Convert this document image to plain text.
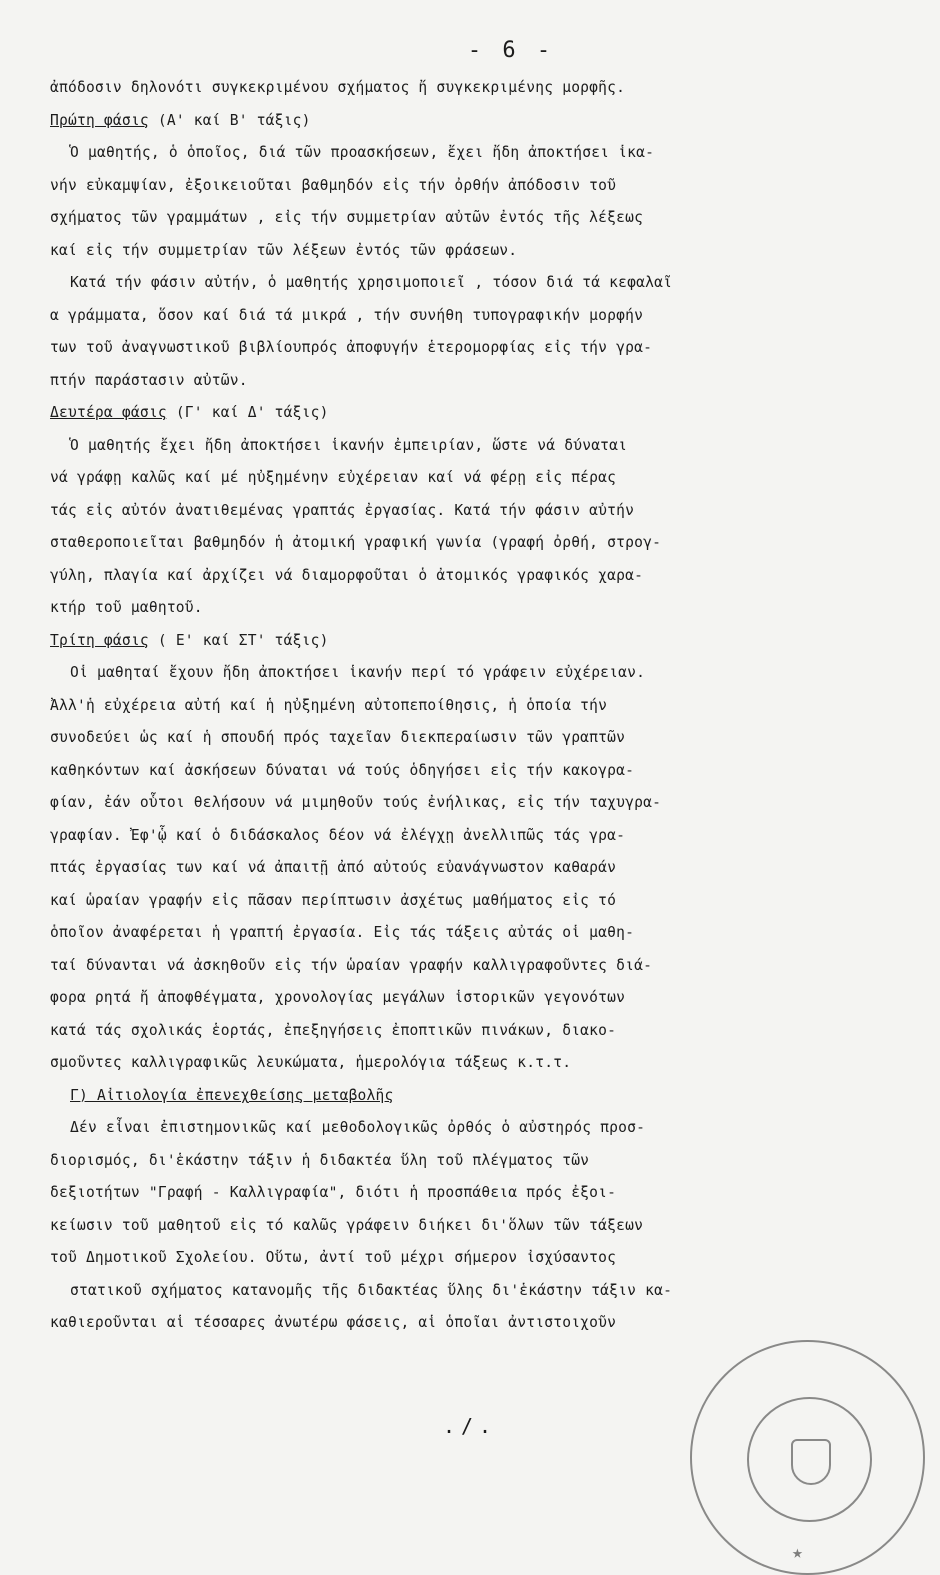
- 6 -
ἀπόδοσιν δηλονότι συγκεκριμένου σχήματος ἤ συγκεκριμένης μορφῆς.
Πρώτη φάσις (Α' καί Β' τάξις)
Ὁ μαθητής, ὁ ὁποῖος, διά τῶν προασκήσεων, ἔχει ἤδη ἀποκτήσει ἱκα-
νήν εὐκαμψίαν, ἐξοικειοῦται βαθμηδόν εἰς τήν ὀρθήν ἀπόδοσιν τοῦ
σχήματος τῶν γραμμάτων , εἰς τήν συμμετρίαν αὐτῶν ἐντός τῆς λέξεως
καί εἰς τήν συμμετρίαν τῶν λέξεων ἐντός τῶν φράσεων.
Κατά τήν φάσιν αὐτήν, ὁ μαθητής χρησιμοποιεῖ , τόσον διά τά κεφαλαῖ
α γράμματα, ὅσον καί διά τά μικρά , τήν συνήθη τυπογραφικήν μορφήν
των τοῦ ἀναγνωστικοῦ βιβλίουπρός ἀποφυγήν ἑτερομορφίας εἰς τήν γρα-
πτήν παράστασιν αὐτῶν.
Δευτέρα φάσις (Γ' καί Δ' τάξις)
Ὁ μαθητής ἔχει ἤδη ἀποκτήσει ἱκανήν ἐμπειρίαν, ὥστε νά δύναται
νά γράφῃ καλῶς καί μέ ηὐξημένην εὐχέρειαν καί νά φέρῃ εἰς πέρας
τάς εἰς αὐτόν ἀνατιθεμένας γραπτάς ἐργασίας. Κατά τήν φάσιν αὐτήν
σταθεροποιεῖται βαθμηδόν ἡ ἀτομική γραφική γωνία (γραφή ὀρθή, στρογ-
γύλη, πλαγία καί ἀρχίζει νά διαμορφοῦται ὁ ἀτομικός γραφικός χαρα-
κτήρ τοῦ μαθητοῦ.
Τρίτη φάσις ( Ε' καί ΣΤ' τάξις)
Οἱ μαθηταί ἔχουν ἤδη ἀποκτήσει ἱκανήν περί τό γράφειν εὐχέρειαν.
Ἀλλ'ἡ εὐχέρεια αὐτή καί ἡ ηὐξημένη αὐτοπεποίθησις, ἡ ὁποία τήν
συνοδεύει ὡς καί ἡ σπουδή πρός ταχεῖαν διεκπεραίωσιν τῶν γραπτῶν
καθηκόντων καί ἀσκήσεων δύναται νά τούς ὁδηγήσει εἰς τήν κακογρα-
φίαν, ἐάν οὗτοι θελήσουν νά μιμηθοῦν τούς ἐνήλικας, εἰς τήν ταχυγρα-
γραφίαν. Ἐφ'ᾧ καί ὁ διδάσκαλος δέον νά ἐλέγχῃ ἀνελλιπῶς τάς γρα-
πτάς ἐργασίας των καί νά ἀπαιτῇ ἀπό αὐτούς εὐανάγνωστον καθαράν
καί ὡραίαν γραφήν εἰς πᾶσαν περίπτωσιν ἀσχέτως μαθήματος εἰς τό
ὁποῖον ἀναφέρεται ἡ γραπτή ἐργασία. Εἰς τάς τάξεις αὐτάς οἱ μαθη-
ταί δύνανται νά ἀσκηθοῦν εἰς τήν ὡραίαν γραφήν καλλιγραφοῦντες διά-
φορα ρητά ἤ ἀποφθέγματα, χρονολογίας μεγάλων ἱστορικῶν γεγονότων
κατά τάς σχολικάς ἑορτάς, ἐπεξηγήσεις ἐποπτικῶν πινάκων, διακο-
σμοῦντες καλλιγραφικῶς λευκώματα, ἡμερολόγια τάξεως κ.τ.τ.
Γ) Αἰτιολογία ἐπενεχθείσης μεταβολῆς
Δέν εἶναι ἐπιστημονικῶς καί μεθοδολογικῶς ὀρθός ὁ αὐστηρός προσ-
διορισμός, δι'ἑκάστην τάξιν ἡ διδακτέα ὕλη τοῦ πλέγματος τῶν
δεξιοτήτων "Γραφή - Καλλιγραφία", διότι ἡ προσπάθεια πρός ἐξοι-
κείωσιν τοῦ μαθητοῦ εἰς τό καλῶς γράφειν διήκει δι'ὅλων τῶν τάξεων
τοῦ Δημοτικοῦ Σχολείου. Οὕτω, ἀντί τοῦ μέχρι σήμερον ἰσχύσαντος
στατικοῦ σχήματος κατανομῆς τῆς διδακτέας ὕλης δι'ἑκάστην τάξιν κα-
καθιεροῦνται αἱ τέσσαρες ἀνωτέρω φάσεις, αἱ ὁποῖαι ἀντιστοιχοῦν
./.
★
